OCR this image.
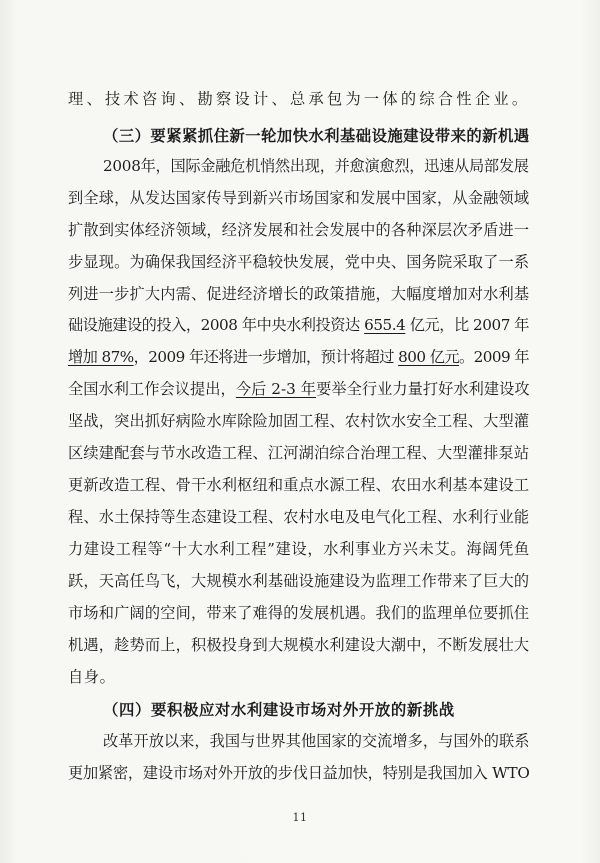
理、技术咨询、勘察设计、总承包为一体的综合性企业。
（三）要紧紧抓住新一轮加快水利基础设施建设带来的新机遇
2008年，国际金融危机悄然出现，并愈演愈烈，迅速从局部发展
到全球，从发达国家传导到新兴市场国家和发展中国家，从金融领域
扩散到实体经济领域，经济发展和社会发展中的各种深层次矛盾进一
步显现。为确保我国经济平稳较快发展，党中央、国务院采取了一系
列进一步扩大内需、促进经济增长的政策措施，大幅度增加对水利基
础设施建设的投入，2008 年中央水利投资达 655.4 亿元，比 2007 年
增加 87%，2009 年还将进一步增加，预计将超过 800 亿元。2009 年
全国水利工作会议提出，今后 2-3 年要举全行业力量打好水利建设攻
坚战，突出抓好病险水库除险加固工程、农村饮水安全工程、大型灌
区续建配套与节水改造工程、江河湖泊综合治理工程、大型灌排泵站
更新改造工程、骨干水利枢纽和重点水源工程、农田水利基本建设工
程、水土保持等生态建设工程、农村水电及电气化工程、水利行业能
力建设工程等“十大水利工程”建设，水利事业方兴未艾。海阔凭鱼
跃，天高任鸟飞，大规模水利基础设施建设为监理工作带来了巨大的
市场和广阔的空间，带来了难得的发展机遇。我们的监理单位要抓住
机遇，趁势而上，积极投身到大规模水利建设大潮中，不断发展壮大
自身。
（四）要积极应对水利建设市场对外开放的新挑战
改革开放以来，我国与世界其他国家的交流增多，与国外的联系
更加紧密，建设市场对外开放的步伐日益加快，特别是我国加入 WTO
11
